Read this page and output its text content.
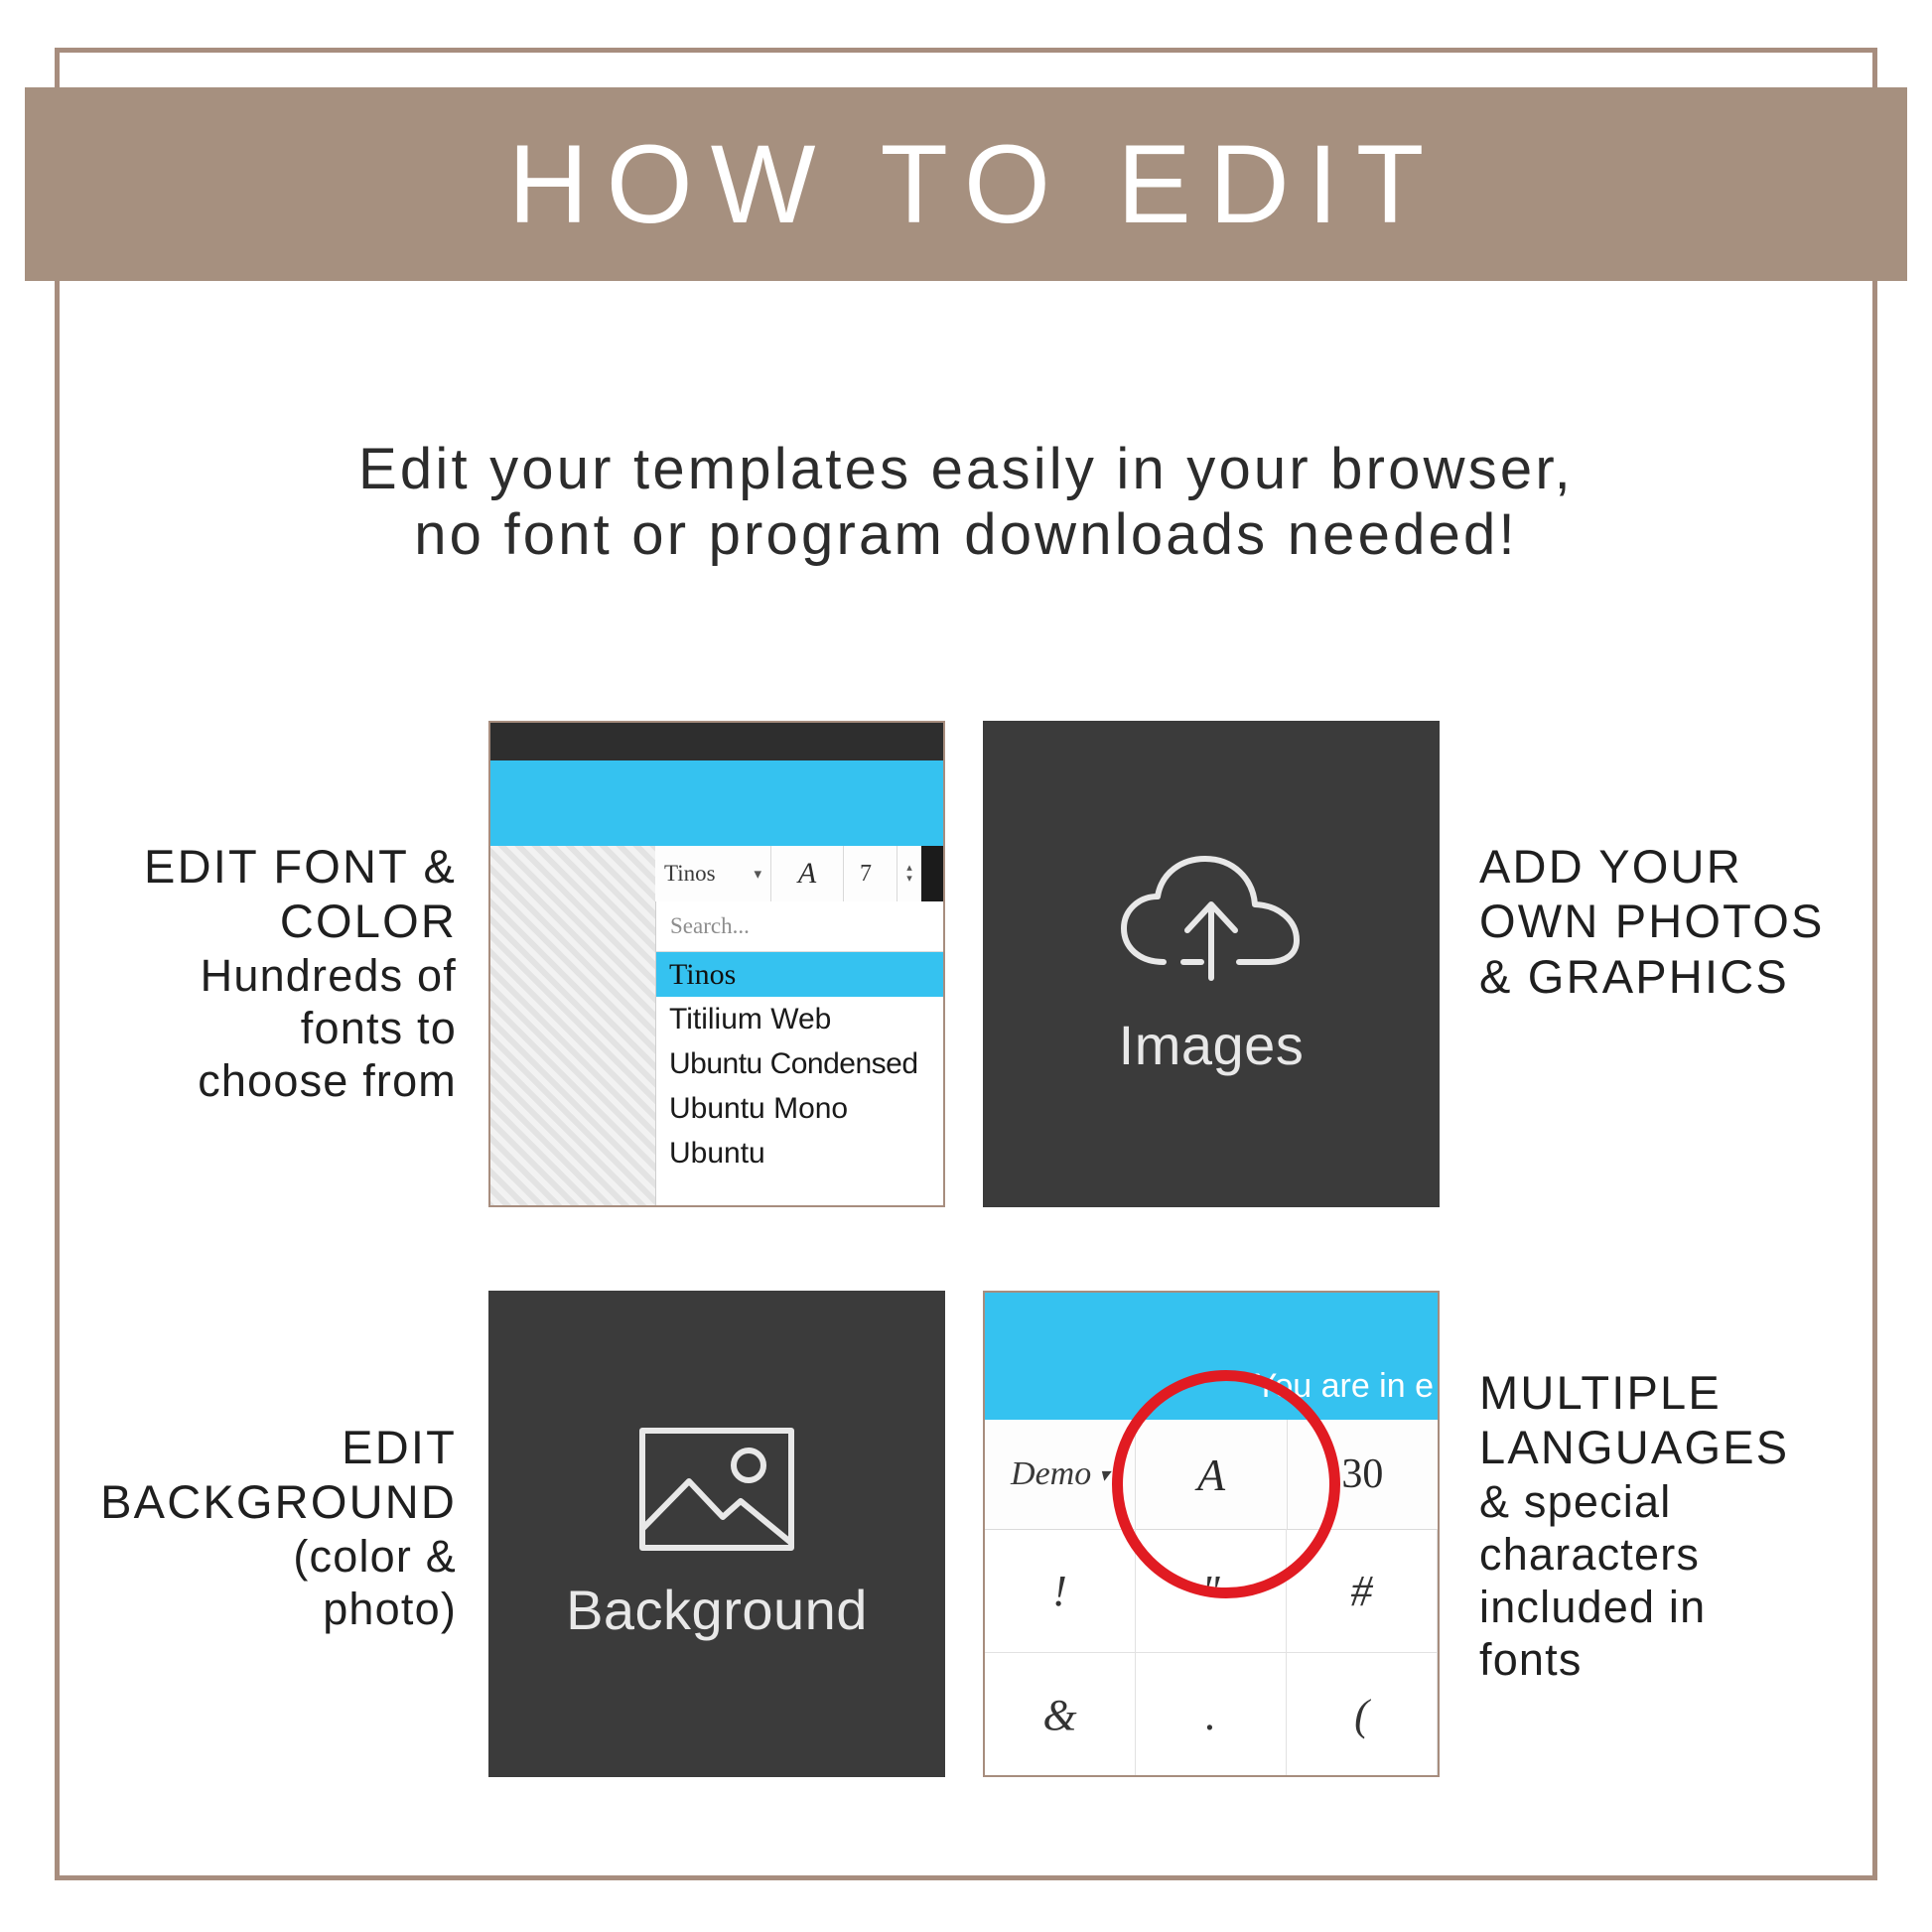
HOW TO EDIT
Edit your templates easily in your browser,
no font or program downloads needed!
EDIT FONT &
COLOR
Hundreds of
fonts to
choose from
Tinos	▾	A	7	▴
▾
Search...
Tinos
Titilium Web
Ubuntu Condensed
Ubuntu Mono
Ubuntu
Images
ADD YOUR
OWN PHOTOS
& GRAPHICS
EDIT
BACKGROUND
(color &
photo) Background
You are in e
Demo ▾	A	30
!	"	#
&	.	(
MULTIPLE
LANGUAGES
& special
characters
included in
fonts
